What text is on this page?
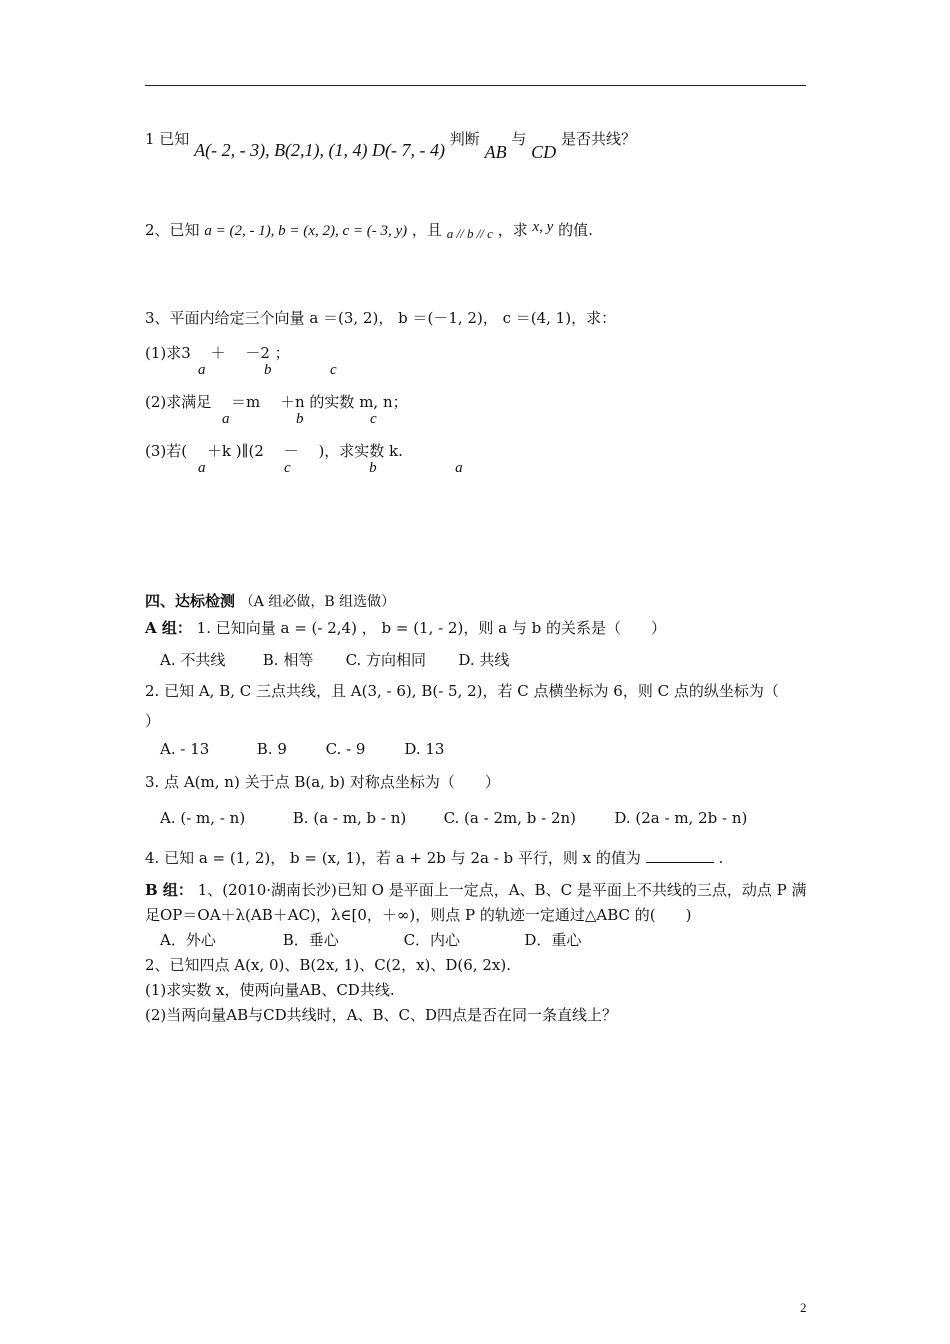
1 已知 A(- 2, - 3), B(2,1), (1, 4) D(- 7, - 4) 判断 AB 与 CD 是否共线？
2、已知 a = (2, - 1), b = (x, 2), c = (- 3, y) ，且 a // b // c ，求 x, y 的值.
3、平面内给定三个向量 a ＝(3, 2)， b ＝(－1, 2)， c ＝(4, 1)，求：
(1)求3 　＋ 　－2 ；
a 　 b 　 c
(2)求满足 　＝m 　＋n 的实数 m, n；
a 　 b 　 c
(3)若( 　＋k )∥(2 　－ 　)，求实数 k.
a 　 c 　 b 　 a
四、达标检测 （A 组必做，B 组选做）
A 组： 1. 已知向量 a = (- 2,4) ， b = (1, - 2)，则 a 与 b 的关系是（　　）
A. 不共线 B. 相等 C. 方向相同 D. 共线
2. 已知 A, B, C 三点共线，且 A(3, - 6), B(- 5, 2)，若 C 点横坐标为 6，则 C 点的纵坐标为（
）
A. - 13	B. 9	C. - 9	D. 13
3. 点 A(m, n) 关于点 B(a, b) 对称点坐标为（　　）
A. (- m, - n)	B. (a - m, b - n) C. (a - 2m, b - 2n)	D. (2a - m, 2b - n)
4. 已知 a = (1, 2)， b = (x, 1)，若 a + 2b 与 2a - b 平行，则 x 的值为	.
B 组： 1、(2010·湖南长沙)已知 O 是平面上一定点，A、B、C 是平面上不共线的三点，动点 P 满
足OP＝OA＋λ(AB＋AC)，λ∈[0，＋∞)，则点 P 的轨迹一定通过△ABC 的(　　)
A．外心	B．垂心	C．内心	D．重心
2、已知四点 A(x, 0)、B(2x, 1)、C(2，x)、D(6, 2x).
(1)求实数 x，使两向量AB、CD共线.
(2)当两向量AB与CD共线时，A、B、C、D四点是否在同一条直线上？
2
